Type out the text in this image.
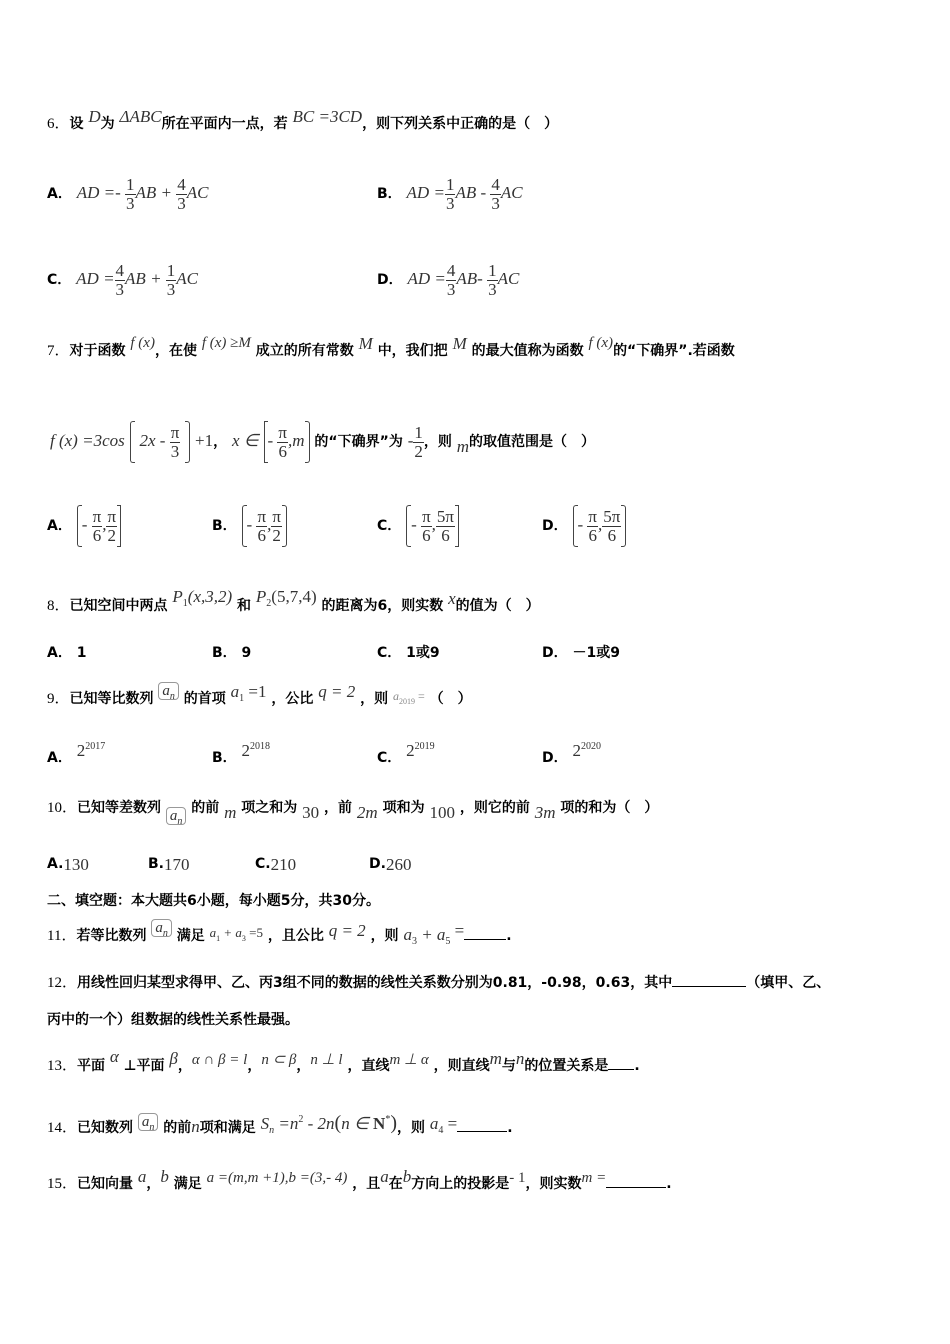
6．设 D为 ΔABC所在平面内一点，若 BC =3CD，则下列关系中正确的是（　）
A． AD =- $\frac{1}{3}$ AB + $\frac{4}{3}$ AC	B． AD = $\frac{1}{3}$ AB - $\frac{4}{3}$ AC
C． AD = $\frac{4}{3}$ AB + $\frac{1}{3}$ AC	D． AD = $\frac{4}{3} AB- \frac{1}{3}$ AC
7．对于函数 f (x)，在使 f (x) ≥M 成立的所有常数 M 中，我们把 M 的最大值称为函数 f (x)的“下确界”.若函数
f (x) =3cos $2x - \frac{\pi}{3} +1$， x ∈ - $\frac{\pi}{6} ,m$ 的“下确界”为 - $\frac{1}{2}$ ，则 m的取值范围是（　）
A． - $\frac{\pi}{6}$ , $\frac{\pi}{2}$	B． - $\frac{\pi}{6}$ , $\frac{\pi}{2}$	C． - $\frac{\pi}{6}$ , $\frac{5\pi}{6}$	D． - $\frac{\pi}{6}$ , $\frac{5\pi}{6}$
8．已知空间中两点 $P_1(x,3,2)$ 和 $P_2(5,7,4)$ 的距离为6，则实数 x的值为（　）
A． 1	B． 9	C． 1或9	D． －1或9
9．已知等比数列 $a_n$ 的首项 $a_1 =1$ ，公比 q = 2 ，则 $a_{2019}$ = （　）
A． $2^{2017}$
B． $2^{2018}$
C． $2^{2019}$
D． $2^{2020}$
10．已知等差数列 $a_n$ 的前 m 项之和为 30 ，前 2m 项和为 100 ，则它的前 3m 项的和为（　）
A.130	B.170	C.210	D.260
二、填空题：本大题共6小题，每小题5分，共30分。
11．若等比数列 $a_n$ 满足 $a_1 + a_3 =5$ ，且公比 q = 2 ，则 $a_3 + a_5$ =	.
12．用线性回归某型求得甲、乙、丙3组不同的数据的线性关系数分别为0.81，-0.98，0.63，其中	（填甲、乙、
丙中的一个）组数据的线性关系性最强。
13．平面 α ⊥平面 β，α ∩ β = l，n ⊂ β，n ⊥ l ，直线m ⊥ α ，则直线m与n的位置关系是 .
14．已知数列 $a_n$ 的前n项和满足 $S_n =n^2 - 2n(n$ ∈ N*)，则 $a_4$ =	.
15．已知向量 a，b 满足 a =(m,m +1),b =(3,- 4) ，且a在b方向上的投影是- 1，则实数m =	.
